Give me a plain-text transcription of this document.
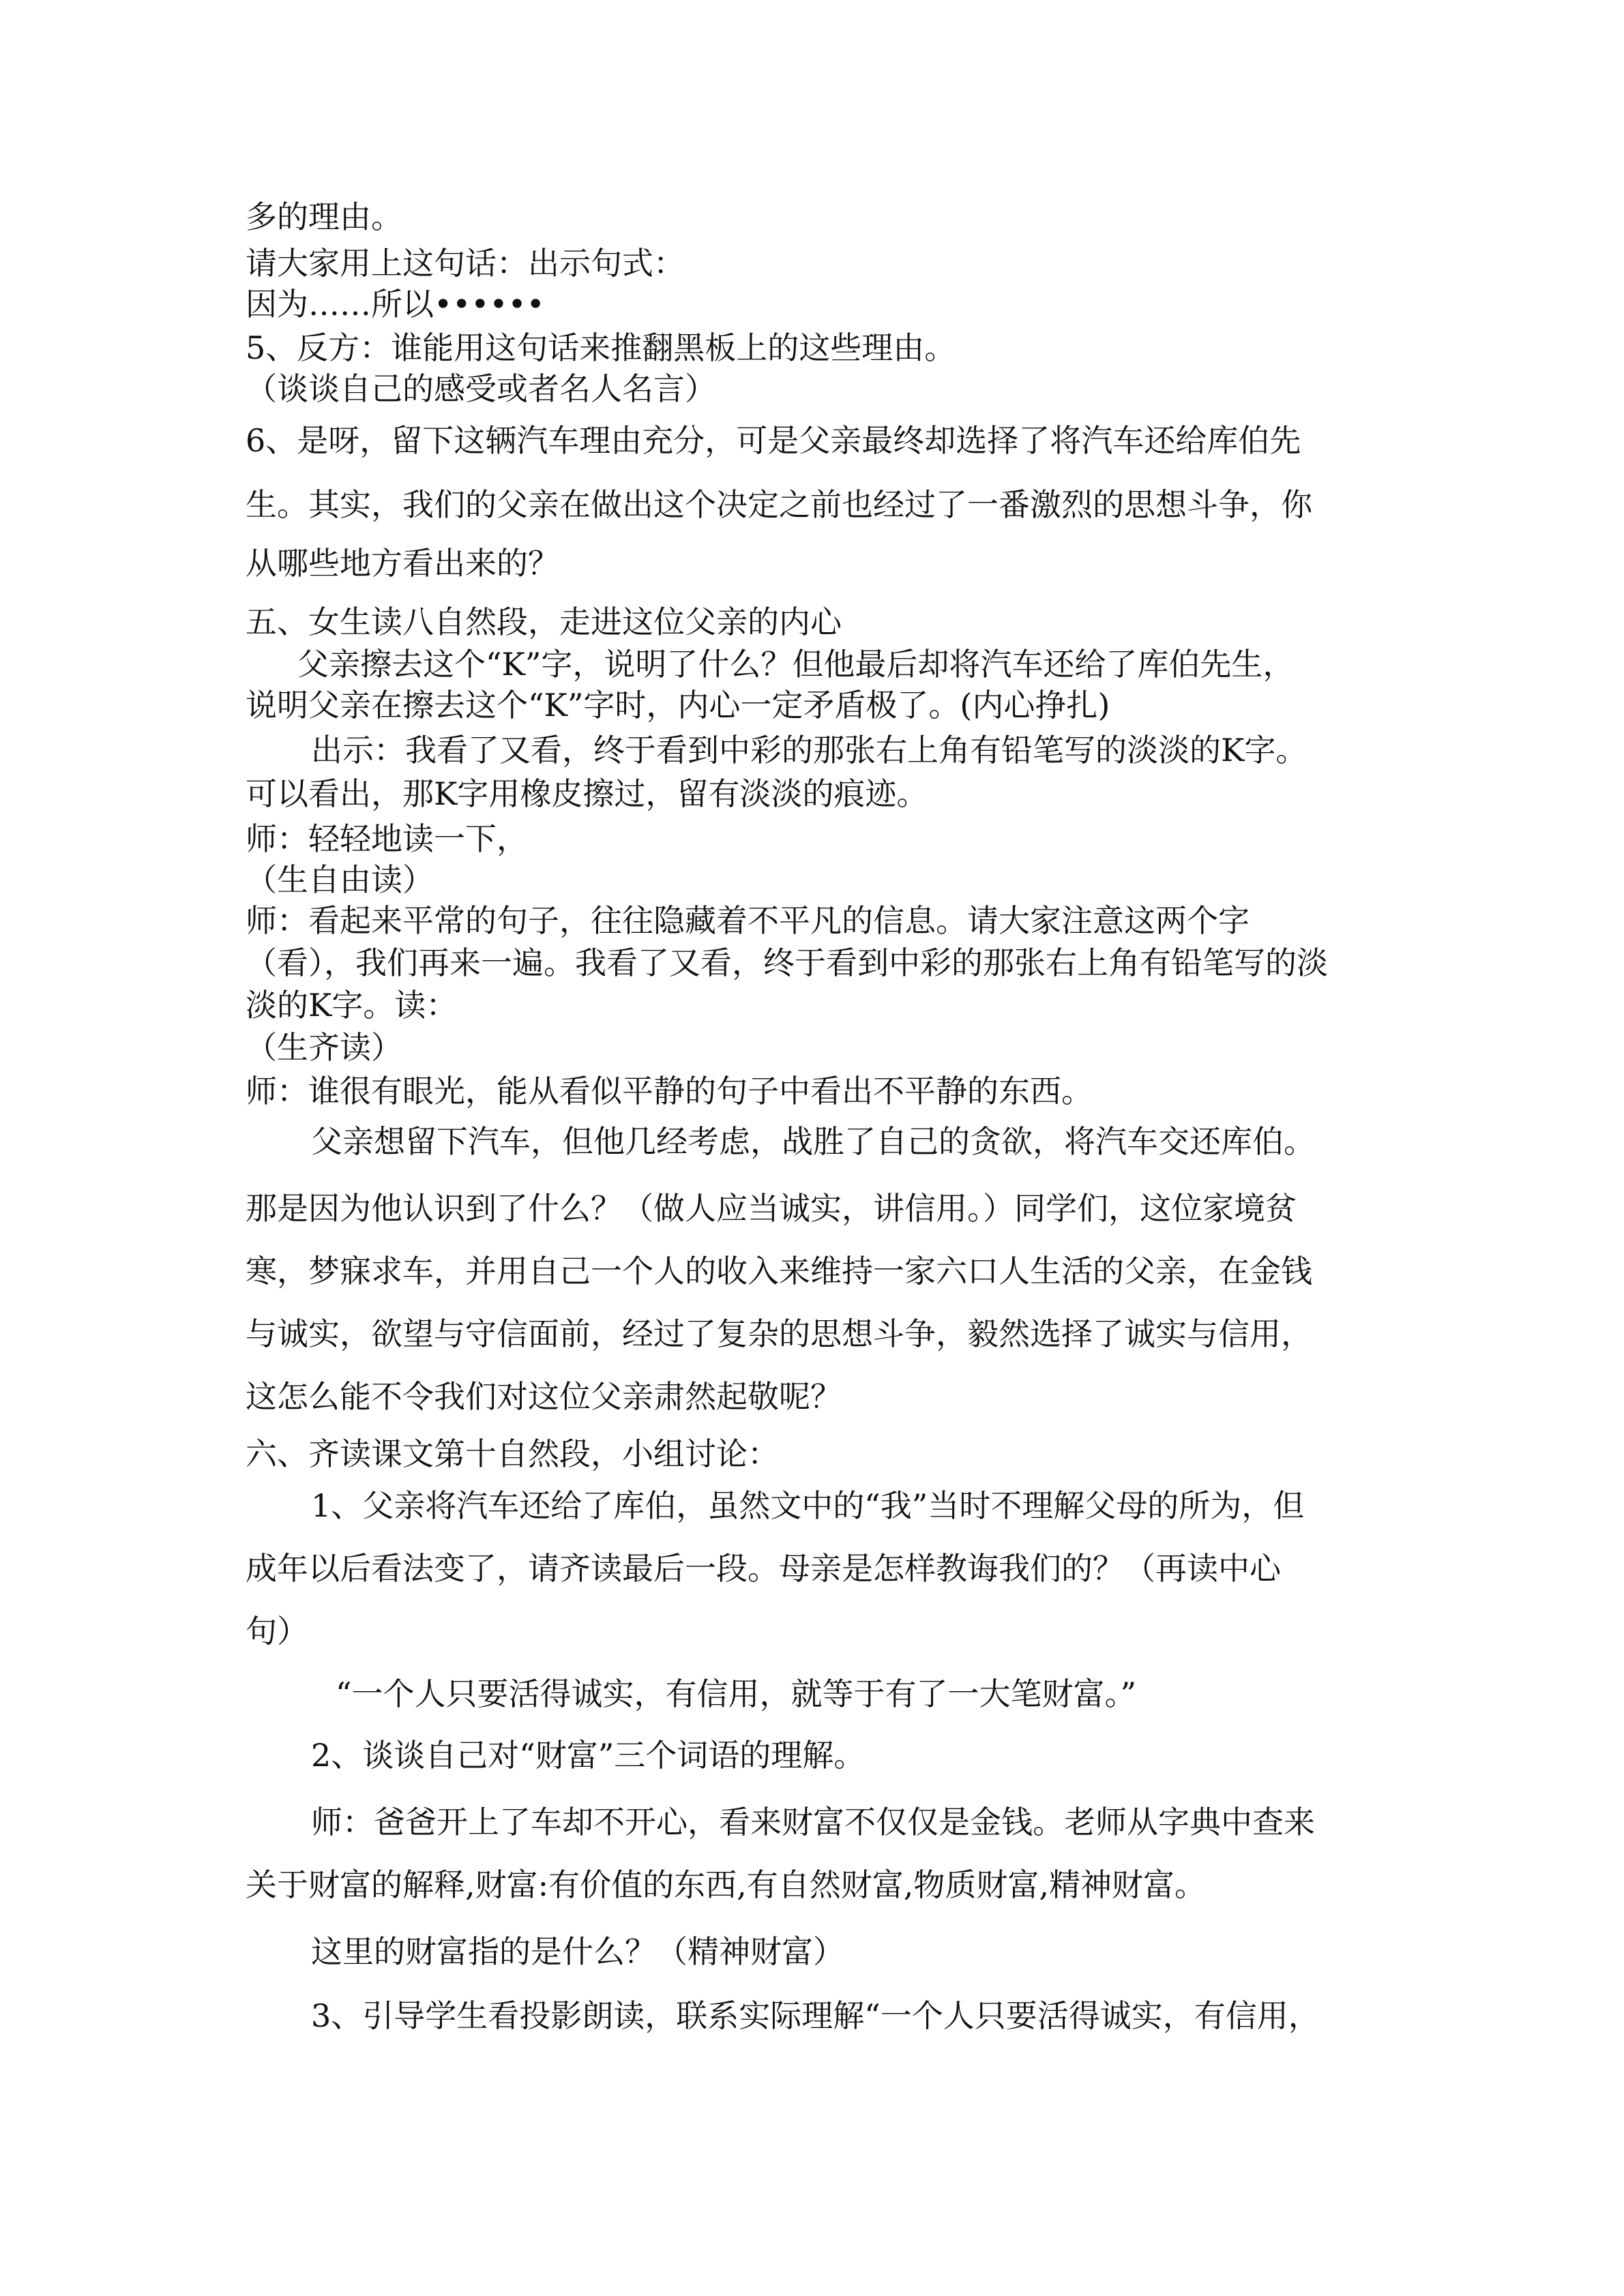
多的理由。
请大家用上这句话：出示句式：
因为……所以••••••
5、反方：谁能用这句话来推翻黑板上的这些理由。
（谈谈自己的感受或者名人名言）
6、是呀，留下这辆汽车理由充分，可是父亲最终却选择了将汽车还给库伯先
生。其实，我们的父亲在做出这个决定之前也经过了一番激烈的思想斗争，你
从哪些地方看出来的？
五、女生读八自然段，走进这位父亲的内心
父亲擦去这个“K”字，说明了什么？但他最后却将汽车还给了库伯先生，
说明父亲在擦去这个“K”字时，内心一定矛盾极了。(内心挣扎)
出示：我看了又看，终于看到中彩的那张右上角有铅笔写的淡淡的K字。
可以看出，那K字用橡皮擦过，留有淡淡的痕迹。
师：轻轻地读一下，
（生自由读）
师：看起来平常的句子，往往隐藏着不平凡的信息。请大家注意这两个字
（看），我们再来一遍。我看了又看，终于看到中彩的那张右上角有铅笔写的淡
淡的K字。读：
（生齐读）
师：谁很有眼光，能从看似平静的句子中看出不平静的东西。
父亲想留下汽车，但他几经考虑，战胜了自己的贪欲，将汽车交还库伯。
那是因为他认识到了什么？（做人应当诚实，讲信用。）同学们，这位家境贫
寒，梦寐求车，并用自己一个人的收入来维持一家六口人生活的父亲，在金钱
与诚实，欲望与守信面前，经过了复杂的思想斗争，毅然选择了诚实与信用，
这怎么能不令我们对这位父亲肃然起敬呢？
六、齐读课文第十自然段，小组讨论：
1、父亲将汽车还给了库伯，虽然文中的“我”当时不理解父母的所为，但
成年以后看法变了，请齐读最后一段。母亲是怎样教诲我们的？（再读中心
句）
“一个人只要活得诚实，有信用，就等于有了一大笔财富。”
2、谈谈自己对“财富”三个词语的理解。
师：爸爸开上了车却不开心，看来财富不仅仅是金钱。老师从字典中查来
关于财富的解释,财富:有价值的东西,有自然财富,物质财富,精神财富。
这里的财富指的是什么？（精神财富）
3、引导学生看投影朗读，联系实际理解“一个人只要活得诚实，有信用，
